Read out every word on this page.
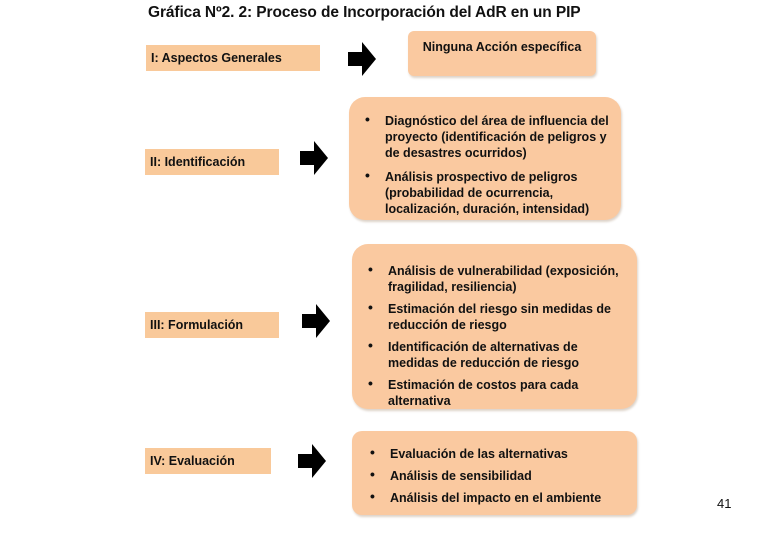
Gráfica Nº2. 2: Proceso de Incorporación del AdR en un PIP
I: Aspectos Generales
Ninguna Acción específica
II: Identificación
• Diagnóstico del área de influencia del proyecto (identificación de peligros y de desastres ocurridos)
• Análisis prospectivo de peligros (probabilidad de ocurrencia, localización, duración, intensidad)
III: Formulación
• Análisis de vulnerabilidad (exposición, fragilidad, resiliencia)
• Estimación del riesgo sin medidas de reducción de riesgo
• Identificación de alternativas de medidas de reducción de riesgo
• Estimación de costos para cada alternativa
IV: Evaluación
•	Evaluación de las alternativas
• Análisis de sensibilidad
• Análisis del impacto en el ambiente	41
